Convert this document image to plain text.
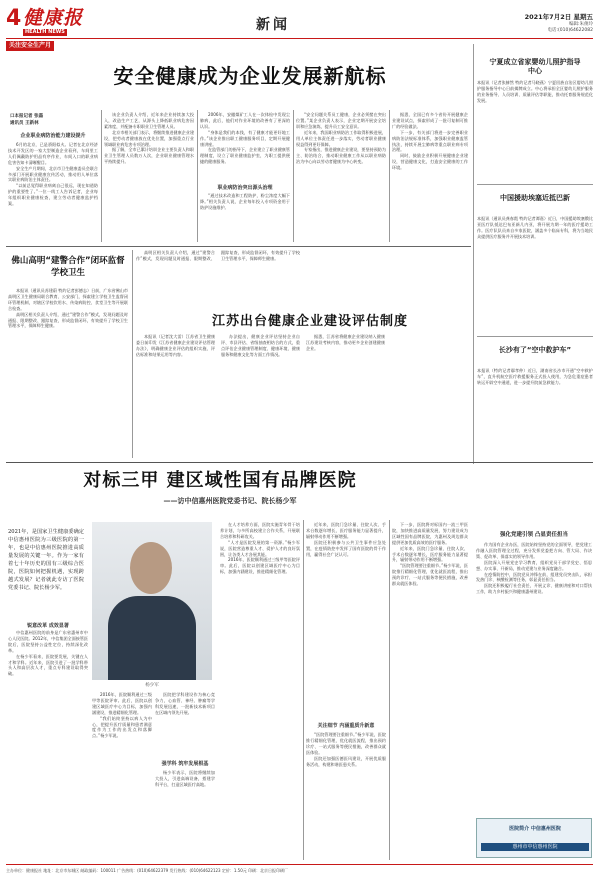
4 健康报
HEALTH NEWS	新闻	2021年7月2日 星期五
编辑:朱俊玲
电话:(010)64622082
关注安全生产月
安全健康成为企业发展新航标
口本报记者 张磊
通讯员 王新林
企业职业病防治能力建设提升

6月的北京，已是骄阳似火。记者在北京经济技术开发区的一家大型制造企业看到，车间里工人们佩戴防护用品有序作业，车间入口的职业病危害告知卡清晰醒目。

安全生产月期间，北京市卫生健康委员会联合多部门开展职业健康宣传活动，推动用人单位落实职业病防治主体责任。

“以前总觉得职业病离自己很远，现在知道防护的重要性了。”一位一线工人告诉记者，企业每年组织职业健康检查，建立劳动者健康监护档案。

该企业负责人介绍，近年来企业持续加大投入，改造生产工艺，从源头上降低职业病危害因素浓度，并配备专职职业卫生管理人员。

北京市相关部门表示，将继续推进健康企业建设，把劳动者健康放在优先位置，加强重点行业领域职业病危害专项治理。

据了解，全市已累计培训企业主要负责人和职业卫生管理人员数万人次，企业职业健康管理水平持续提升。

2006年，安徽煤矿工人在一次体检中发现尘肺病，此后，他们对作业环境的改善有了更深的认识。

“身体是我们的本钱，有了健康才能更好地工作。”该企业推出职工健康服务项目，定期开展健康讲座。

在监管部门的指导下，企业建立了职业健康管理制度，设立了职业健康监护室，为职工提供便捷的健康服务。

职业病防治突出源头治理

“通过技术改造和工程防护，粉尘浓度大幅下降。”相关负责人说，企业每年投入专项资金用于防护设施维护。

“安全问题关系员工健康，企业必须摆在突出位置。”某企业负责人表示，企业定期开展安全培训和应急演练，提升员工安全意识。

近年来，我国职业病防治工作取得积极进展，用人单位主体责任进一步落实，劳动者职业健康权益得到更好保障。

专家指出，推进健康企业建设，要坚持预防为主、防治结合，推动职业健康工作从以职业病防治为中心向以劳动者健康为中心转变。

据悉，全国已有多个省份开展健康企业建设试点，探索形成了一批可复制可推广的经验做法。

下一步，有关部门将进一步完善职业病防治法规标准体系，加强职业健康监管执法，持续开展尘肺病等重点职业病专项治理。

同时，鼓励企业积极开展健康企业建设，营造健康文化，打造安全健康的工作环境。

宁夏成立省家婴幼儿照护指导中心
本报讯（记者张赫然 特约记者马晓燕）宁夏回族自治区婴幼儿照护服务指导中心日前揭牌成立。中心将承担全区婴幼儿照护服务的业务指导、人员培训、质量评估等职能，推动托育服务规范化发展。
中国援助埃塞近抵巴新
本报讯（通讯员龚春霞 特约记者谭嘉）近日，中国援助埃塞俄比亚医疗队抵达巴布亚新几内亚，将开展为期一年的医疗援助工作。医疗队队员来自多家医院，涵盖多个临床专科，将为当地民众提供医疗服务并开展技术培训。
长沙有了“空中救护车”
本报讯（特约记者鄢孝仲）近日，湖南省长沙市开通“空中救护车”，直升机航空医疗救援服务正式投入使用，为急危重症患者转运开辟空中通道，进一步提升院前急救能力。
佛山高明“建警合作”闭环监督学校卫生

本报讯（通讯员苏建蔚 特约记者彭德志）日前，广东省佛山市高明区卫生健康局联合教育、公安部门，探索建立学校卫生监督闭环管理机制，对辖区学校饮用水、传染病防控、食堂卫生等开展联合检查。

高明区相关负责人介绍，通过“建警合作”模式，发现问题及时通报、限期整改、跟踪复查，形成监督闭环，有效提升了学校卫生管理水平，保障师生健康。	江苏出台健康企业建设评估制度

高明区相关负责人介绍，通过“建警合作”模式，发现问题及时通报、限期整改、跟踪复查，形成监督闭环，有效提升了学校卫生管理水平，保障师生健康。

本报讯（记者沈大雷）江苏省卫生健康委日前印发《江苏省健康企业建设评估管理办法》，明确健康企业评估的组织实施、评估标准和结果运用等内容。

办法提出，健康企业评估坚持企业自评、市县评估、省级抽查相结合的方式，重点评估企业健康管理制度、健康环境、健康服务和健康文化等方面工作情况。

据悉，江苏省将健康企业建设纳入健康江苏建设考核内容，推动更多企业创建健康企业。

对标三甲 建区域性国有品牌医院
——访中信惠州医院党委书记、院长杨少军
2021年，是国家卫生健康委确定中信惠州医院为三级医院的第一年，也是中信惠州医院推进高质量发展的关键一年。作为一家有着七十年历史的国有三级综合医院，医院如何把握机遇，实现跨越式发展？记者就此专访了医院党委书记、院长杨少军。
杨少军
锐意改革 成效显著

中信惠州医院的前身是广东省惠州市中心人民医院。2012年，中信集团全面接管医院后，医院坚持公益性定位，持续深化改革。

在杨少军看来，医院要发展，关键在人才和学科。近年来，医院引进了一批学科带头人和高层次人才，重点专科建设取得突破。

2016年，医院顺利通过三级甲等医院评审。此后，医院以创建区域医疗中心为目标，加强内涵建设，推进精细化管理。

“我们始终坚持以病人为中心，把提升医疗质量和患者满意度作为工作的出发点和落脚点。”杨少军说。

强学科 筑牢发展根基

医院把学科建设作为核心竞争力，心血管、神经、肿瘤等学科发展迅速，一批新技术新项目在区域内领先开展。

杨少军表示，医院将继续加大投入，引进高端设备，搭建学科平台，打造区域医疗高地。

在人才培养方面，医院实施青年骨干培养计划，与多所高校建立合作关系，开展联合培养和科研攻关。

“人才是医院发展的第一资源。”杨少军说，医院营造尊重人才、爱护人才的良好氛围，让各类人才各展其能。

2016年，医院顺利通过三级甲等医院评审。此后，医院以创建区域医疗中心为目标，加强内涵建设，推进精细化管理。

近年来，医院门急诊量、住院人次、手术台数逐年增长，医疗服务能力显著提升，辐射带动作用不断增强。

医院还积极参与公共卫生事件应急处置，在疫情防控中发挥了国有医院的骨干作用，赢得社会广泛认可。

关注细节 内涵重质升新意

“医院管理要注重细节。”杨少军说，医院推行精细化管理，优化就医流程，推出预约诊疗、一站式服务等便民措施，改善群众就医体验。

医院还加强医德医风建设，开展优质服务活动，构建和谐医患关系。

下一步，医院将对标国内一流三甲医院，加快推进高质量发展，努力建设成为区域性国有品牌医院，为惠州及周边群众提供更加优质高效的医疗服务。

近年来，医院门急诊量、住院人次、手术台数逐年增长，医疗服务能力显著提升，辐射带动作用不断增强。

“医院管理要注重细节。”杨少军说，医院推行精细化管理，优化就医流程，推出预约诊疗、一站式服务等便民措施，改善群众就医体验。

强化党建引领 凸显责任担当

作为国有企业办医，医院始终坚持党的全面领导，把党建工作融入医院管理全过程，充分发挥党委把方向、管大局、作决策、促改革、保落实的领导作用。

医院深入开展党史学习教育，组织党员干部学党史、悟思想、办实事、开新局，推动党建与业务深度融合。

在疫情防控中，医院党员冲锋在前，组建党员突击队，承担发热门诊、核酸检测等任务，彰显责任担当。

医院还积极履行社会责任，开展义诊、健康讲座和对口帮扶工作，助力乡村振兴和健康惠州建设。

医院简介 中信惠州医院
惠州市中信惠州医院
主办单位：健康报社 地址：北京市东城区 邮政编码：100011 广告热线：(010)64622379 发行热线：(010)64622123 定价：1.50元 印刷：北京日报印刷厂
